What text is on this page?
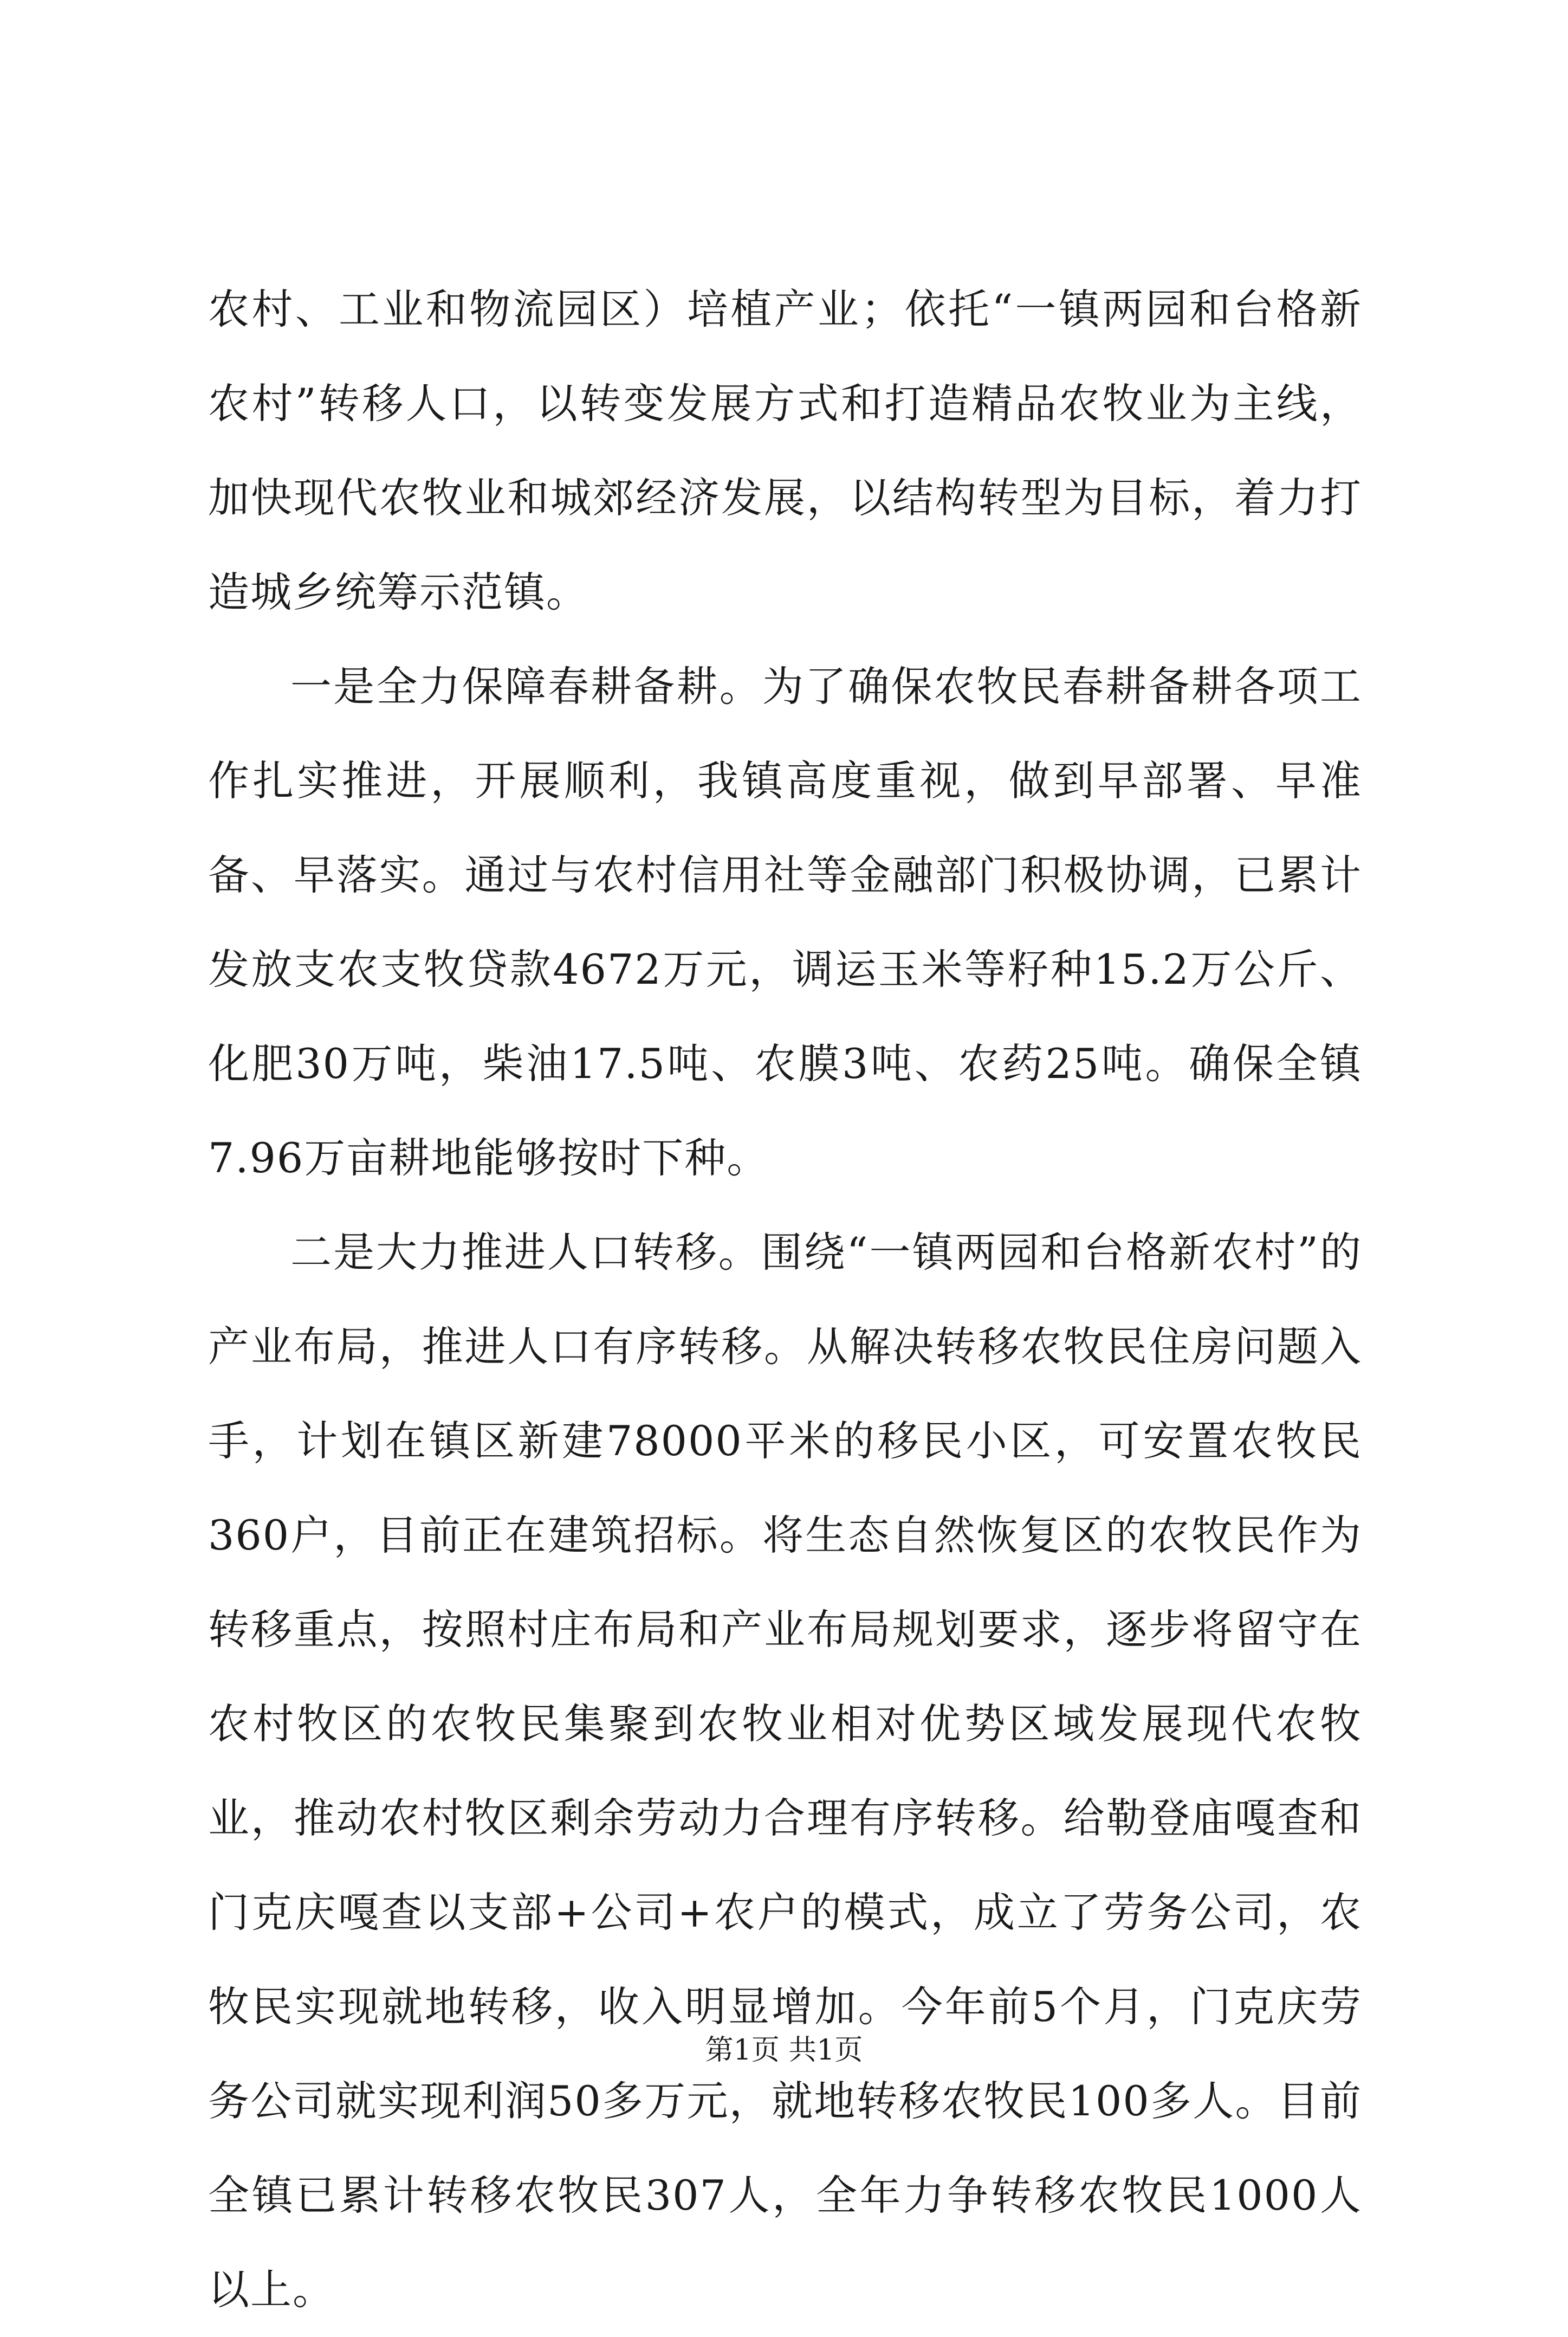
农村、工业和物流园区）培植产业；依托“一镇两园和台格新农村”转移人口，以转变发展方式和打造精品农牧业为主线，加快现代农牧业和城郊经济发展，以结构转型为目标，着力打造城乡统筹示范镇。

一是全力保障春耕备耕。为了确保农牧民春耕备耕各项工作扎实推进，开展顺利，我镇高度重视，做到早部署、早准备、早落实。通过与农村信用社等金融部门积极协调，已累计发放支农支牧贷款4672万元，调运玉米等籽种15.2万公斤、化肥30万吨，柴油17.5吨、农膜3吨、农药25吨。确保全镇7.96万亩耕地能够按时下种。

二是大力推进人口转移。围绕“一镇两园和台格新农村”的产业布局，推进人口有序转移。从解决转移农牧民住房问题入手，计划在镇区新建78000平米的移民小区，可安置农牧民360户，目前正在建筑招标。将生态自然恢复区的农牧民作为转移重点，按照村庄布局和产业布局规划要求，逐步将留守在农村牧区的农牧民集聚到农牧业相对优势区域发展现代农牧业，推动农村牧区剩余劳动力合理有序转移。给勒登庙嘎查和门克庆嘎查以支部+公司+农户的模式，成立了劳务公司，农牧民实现就地转移，收入明显增加。今年前5个月，门克庆劳务公司就实现利润50多万元，就地转移农牧民100多人。目前全镇已累计转移农牧民307人，全年力争转移农牧民1000人以上。

第1页 共1页
